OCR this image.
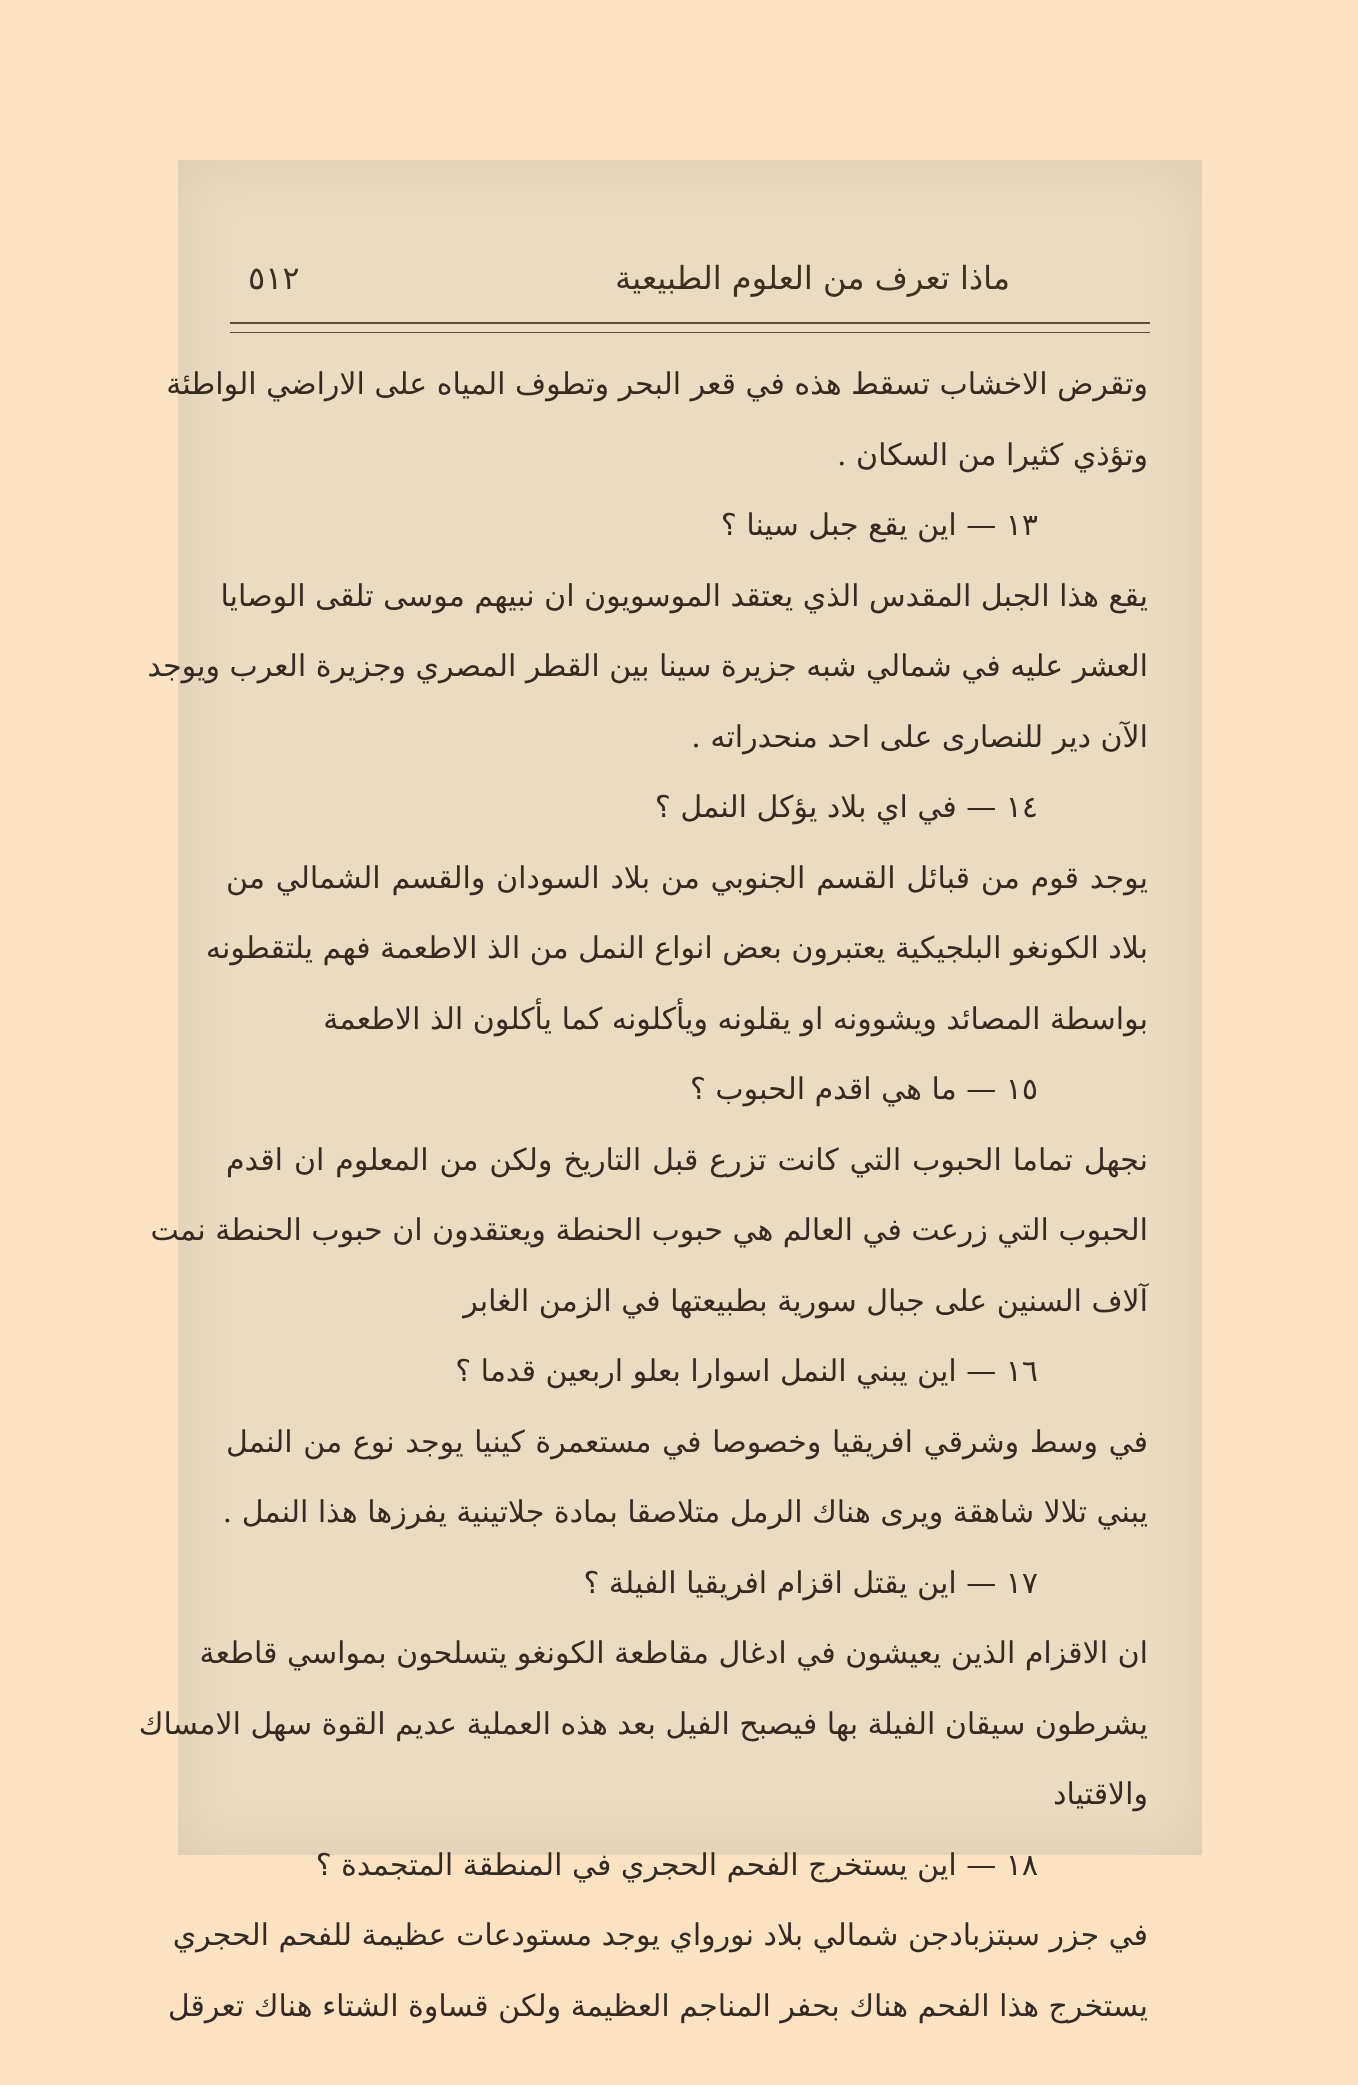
ماذا تعرف من العلوم الطبيعية
٥١٢
وتقرض الاخشاب تسقط هذه في قعر البحر وتطوف المياه على الاراضي الواطئة
وتؤذي كثيرا من السكان .
١٣ — اين يقع جبل سينا ؟
يقع هذا الجبل المقدس الذي يعتقد الموسويون ان نبيهم موسى تلقى الوصايا
العشر عليه في شمالي شبه جزيرة سينا بين القطر المصري وجزيرة العرب ويوجد
الآن دير للنصارى على احد منحدراته .
١٤ — في اي بلاد يؤكل النمل ؟
يوجد قوم من قبائل القسم الجنوبي من بلاد السودان والقسم الشمالي من
بلاد الكونغو البلجيكية يعتبرون بعض انواع النمل من الذ الاطعمة فهم يلتقطونه
بواسطة المصائد ويشوونه او يقلونه ويأكلونه كما يأكلون الذ الاطعمة
١٥ — ما هي اقدم الحبوب ؟
نجهل تماما الحبوب التي كانت تزرع قبل التاريخ ولكن من المعلوم ان اقدم
الحبوب التي زرعت في العالم هي حبوب الحنطة ويعتقدون ان حبوب الحنطة نمت
آلاف السنين على جبال سورية بطبيعتها في الزمن الغابر
١٦ — اين يبني النمل اسوارا بعلو اربعين قدما ؟
في وسط وشرقي افريقيا وخصوصا في مستعمرة كينيا يوجد نوع من النمل
يبني تلالا شاهقة ويرى هناك الرمل متلاصقا بمادة جلاتينية يفرزها هذا النمل .
١٧ — اين يقتل اقزام افريقيا الفيلة ؟
ان الاقزام الذين يعيشون في ادغال مقاطعة الكونغو يتسلحون بمواسي قاطعة
يشرطون سيقان الفيلة بها فيصبح الفيل بعد هذه العملية عديم القوة سهل الامساك
والاقتياد
١٨ — اين يستخرج الفحم الحجري في المنطقة المتجمدة ؟
في جزر سبتزبادجن شمالي بلاد نورواي يوجد مستودعات عظيمة للفحم الحجري
يستخرج هذا الفحم هناك بحفر المناجم العظيمة ولكن قساوة الشتاء هناك تعرقل
